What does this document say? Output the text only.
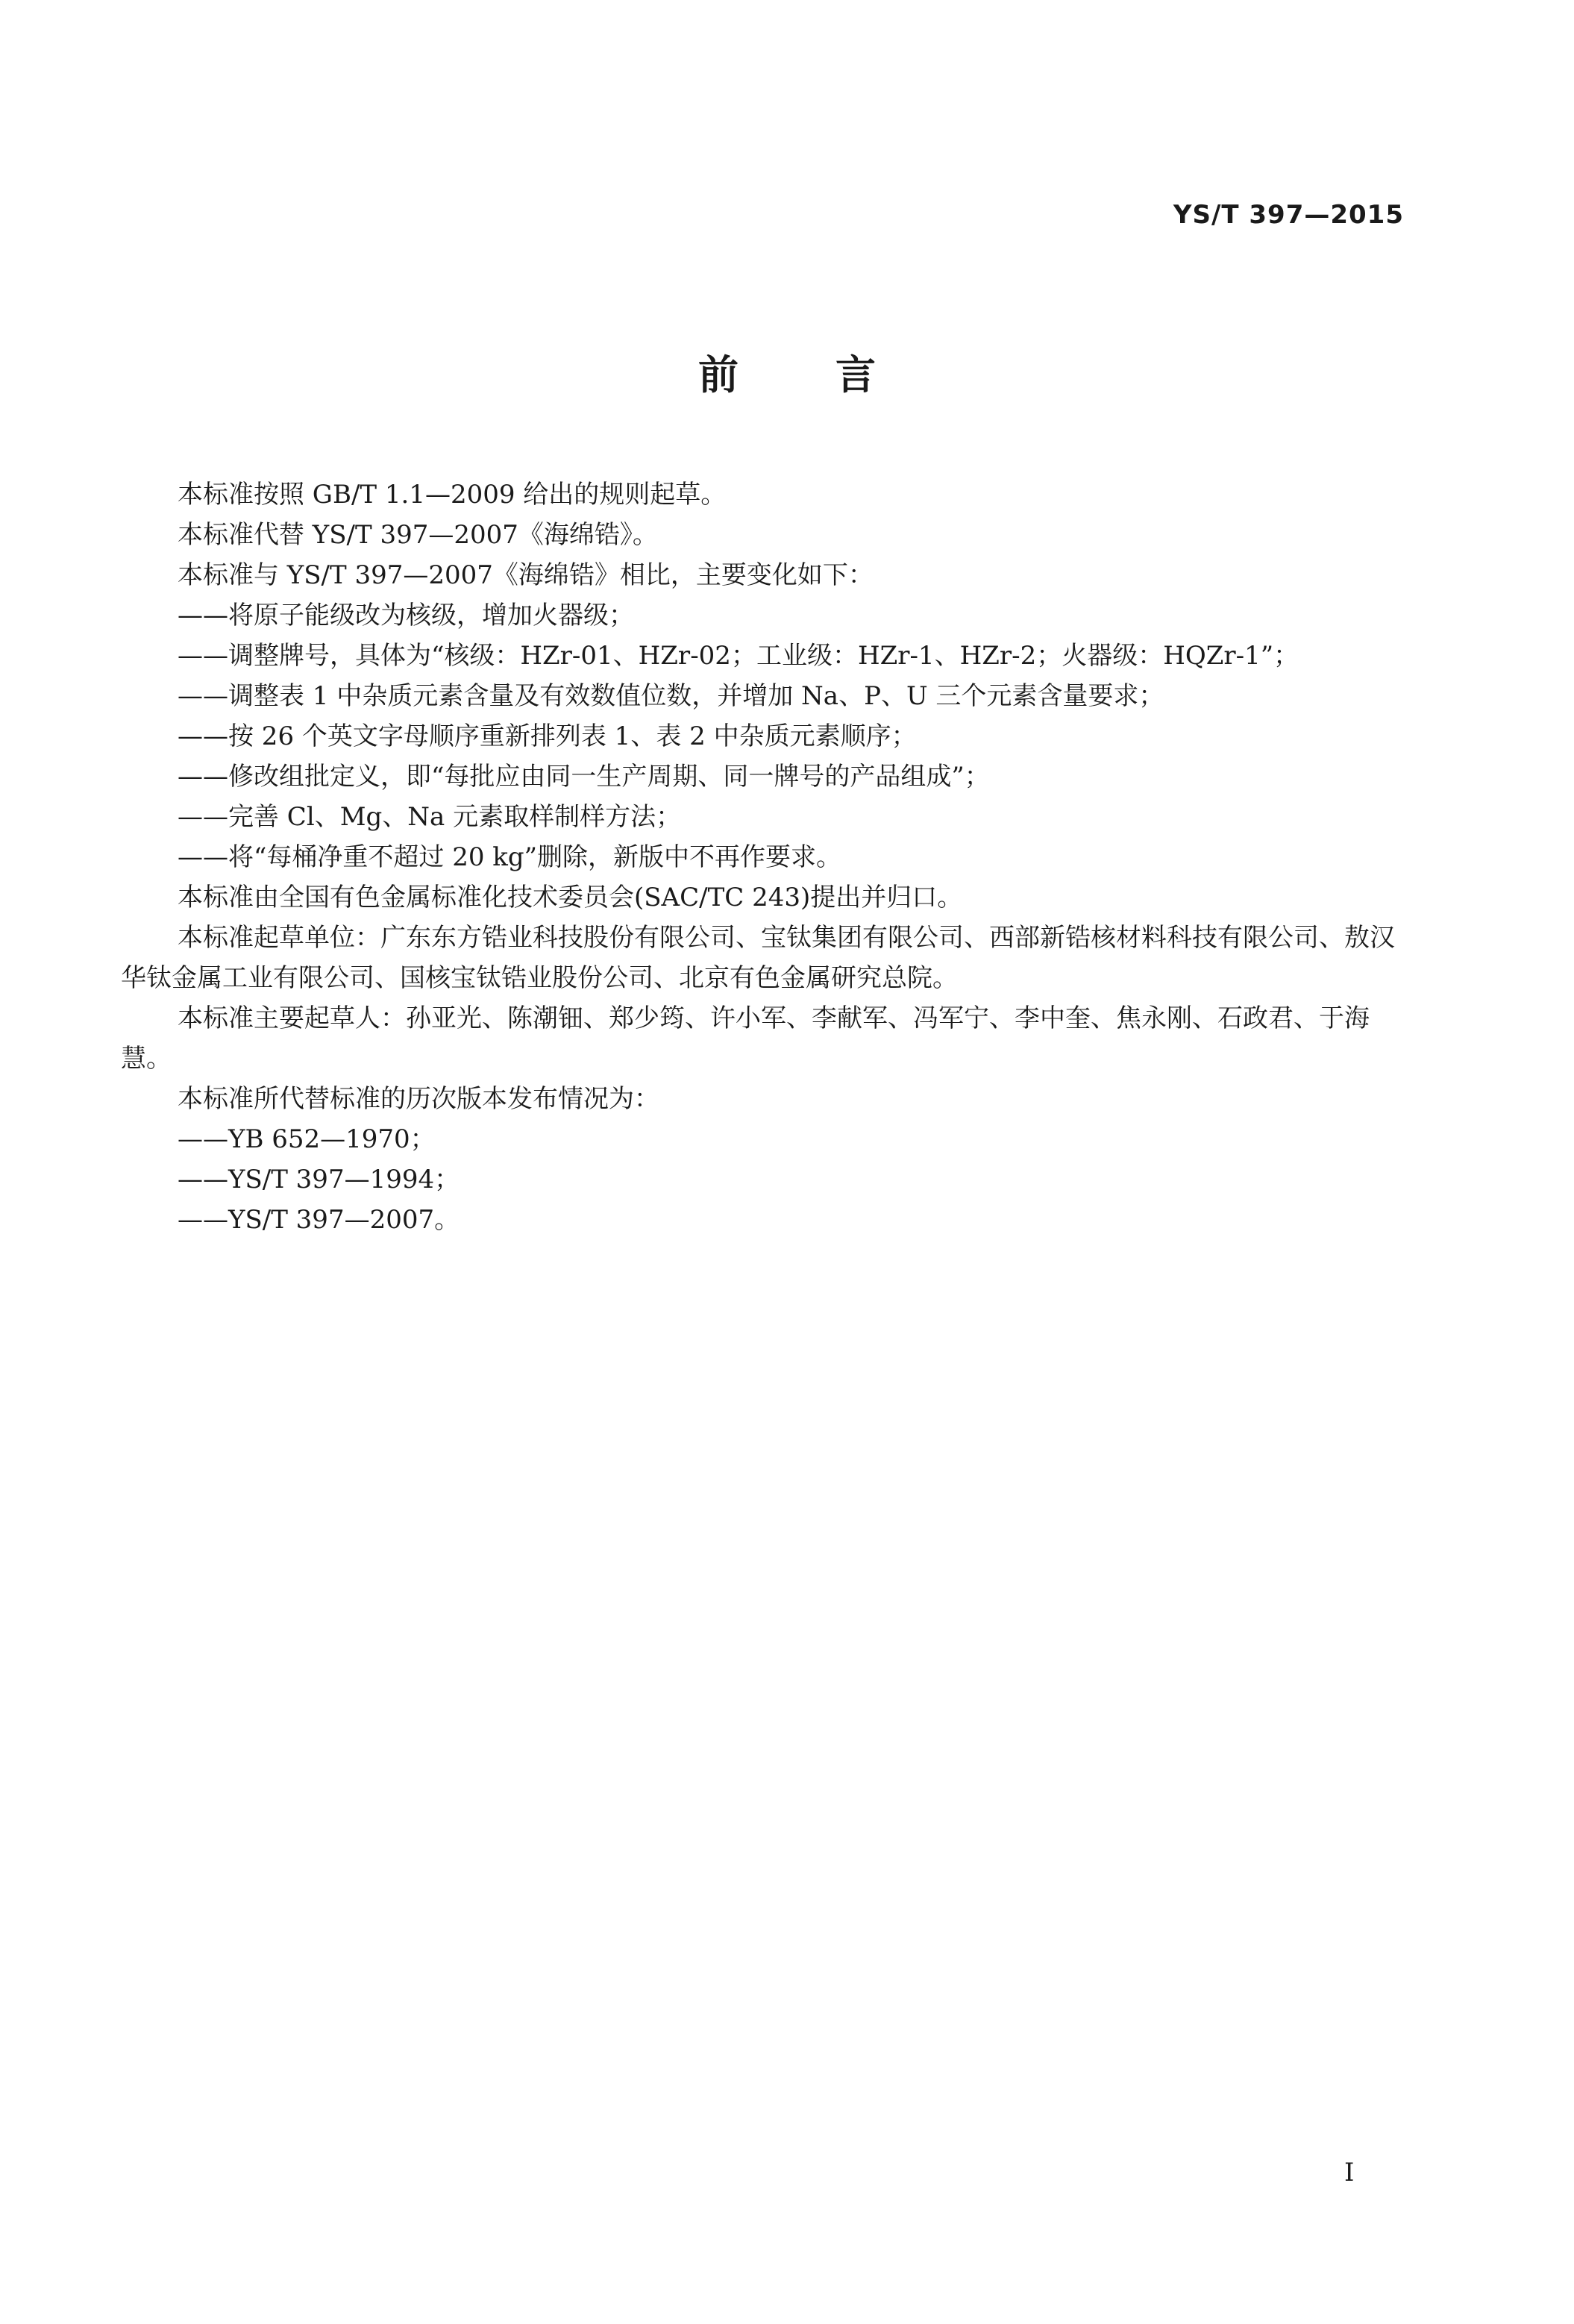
YS/T 397—2015
前言

本标准按照 GB/T 1.1—2009 给出的规则起草。

本标准代替 YS/T 397—2007《海绵锆》。

本标准与 YS/T 397—2007《海绵锆》相比，主要变化如下：

——将原子能级改为核级，增加火器级；

——调整牌号，具体为“核级：HZr-01、HZr-02；工业级：HZr-1、HZr-2；火器级：HQZr-1”；

——调整表 1 中杂质元素含量及有效数值位数，并增加 Na、P、U 三个元素含量要求；

——按 26 个英文字母顺序重新排列表 1、表 2 中杂质元素顺序；

——修改组批定义，即“每批应由同一生产周期、同一牌号的产品组成”；

——完善 Cl、Mg、Na 元素取样制样方法；

——将“每桶净重不超过 20 kg”删除，新版中不再作要求。

本标准由全国有色金属标准化技术委员会(SAC/TC 243)提出并归口。

本标准起草单位：广东东方锆业科技股份有限公司、宝钛集团有限公司、西部新锆核材料科技有限公司、敖汉华钛金属工业有限公司、国核宝钛锆业股份公司、北京有色金属研究总院。

本标准主要起草人：孙亚光、陈潮钿、郑少筠、许小军、李献军、冯军宁、李中奎、焦永刚、石政君、于海慧。

本标准所代替标准的历次版本发布情况为：

——YB 652—1970；

——YS/T 397—1994；

——YS/T 397—2007。

I
